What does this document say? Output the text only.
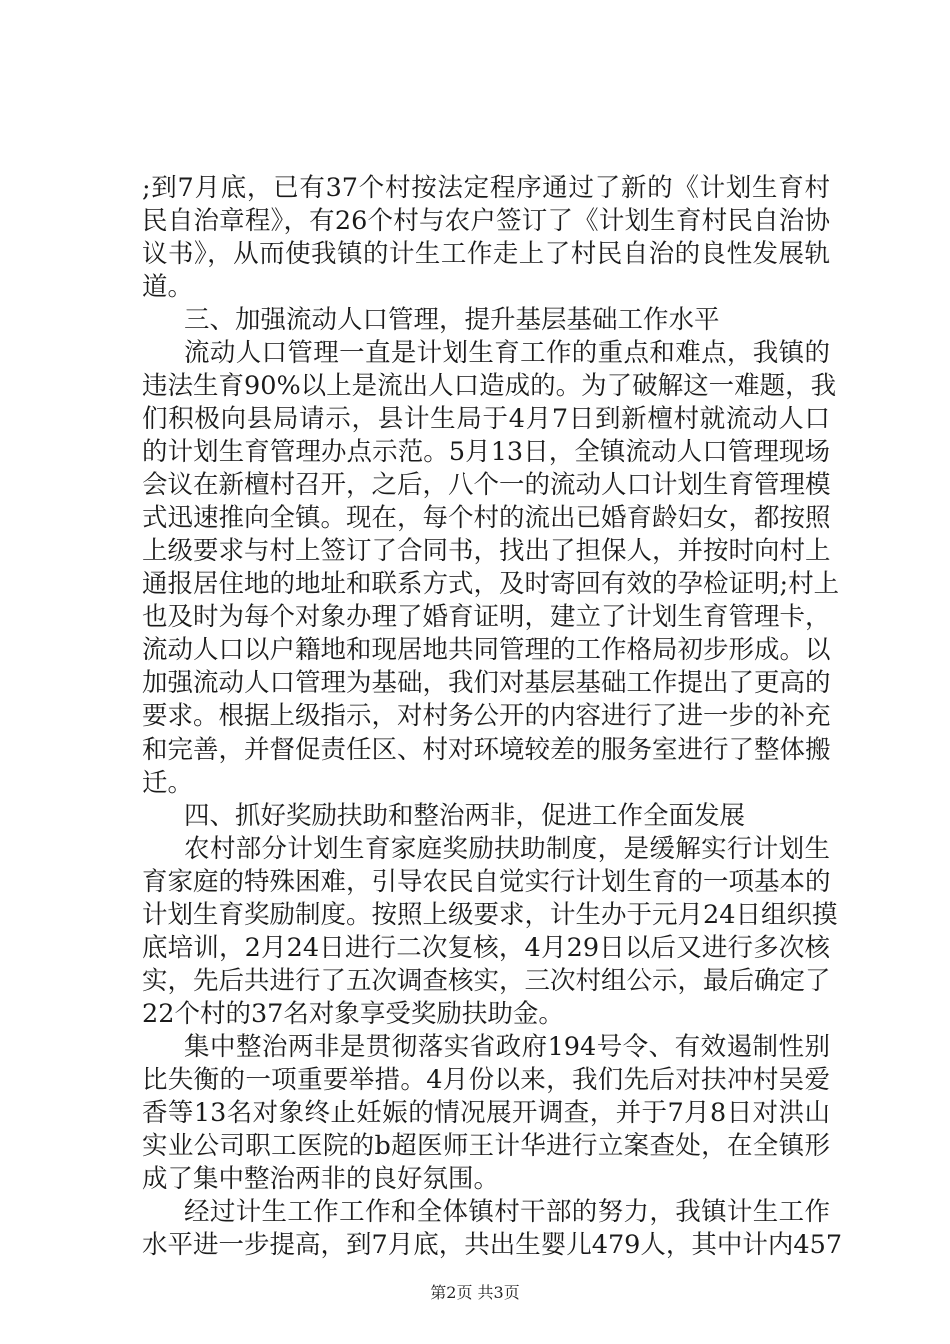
;到7月底，已有37个村按法定程序通过了新的《计划生育村
民自治章程》，有26个村与农户签订了《计划生育村民自治协
议书》，从而使我镇的计生工作走上了村民自治的良性发展轨
道。
三、加强流动人口管理，提升基层基础工作水平
流动人口管理一直是计划生育工作的重点和难点，我镇的
违法生育90%以上是流出人口造成的。为了破解这一难题，我
们积极向县局请示，县计生局于4月7日到新檀村就流动人口
的计划生育管理办点示范。5月13日，全镇流动人口管理现场
会议在新檀村召开，之后，八个一的流动人口计划生育管理模
式迅速推向全镇。现在，每个村的流出已婚育龄妇女，都按照
上级要求与村上签订了合同书，找出了担保人，并按时向村上
通报居住地的地址和联系方式，及时寄回有效的孕检证明;村上
也及时为每个对象办理了婚育证明，建立了计划生育管理卡，
流动人口以户籍地和现居地共同管理的工作格局初步形成。以
加强流动人口管理为基础，我们对基层基础工作提出了更高的
要求。根据上级指示，对村务公开的内容进行了进一步的补充
和完善，并督促责任区、村对环境较差的服务室进行了整体搬
迁。
四、抓好奖励扶助和整治两非，促进工作全面发展
农村部分计划生育家庭奖励扶助制度，是缓解实行计划生
育家庭的特殊困难，引导农民自觉实行计划生育的一项基本的
计划生育奖励制度。按照上级要求，计生办于元月24日组织摸
底培训，2月24日进行二次复核，4月29日以后又进行多次核
实，先后共进行了五次调查核实，三次村组公示，最后确定了
22个村的37名对象享受奖励扶助金。
集中整治两非是贯彻落实省政府194号令、有效遏制性别
比失衡的一项重要举措。4月份以来，我们先后对扶冲村吴爱
香等13名对象终止妊娠的情况展开调查，并于7月8日对洪山
实业公司职工医院的b超医师王计华进行立案查处，在全镇形
成了集中整治两非的良好氛围。
经过计生工作工作和全体镇村干部的努力，我镇计生工作
水平进一步提高，到7月底，共出生婴儿479人，其中计内457
第2页 共3页
